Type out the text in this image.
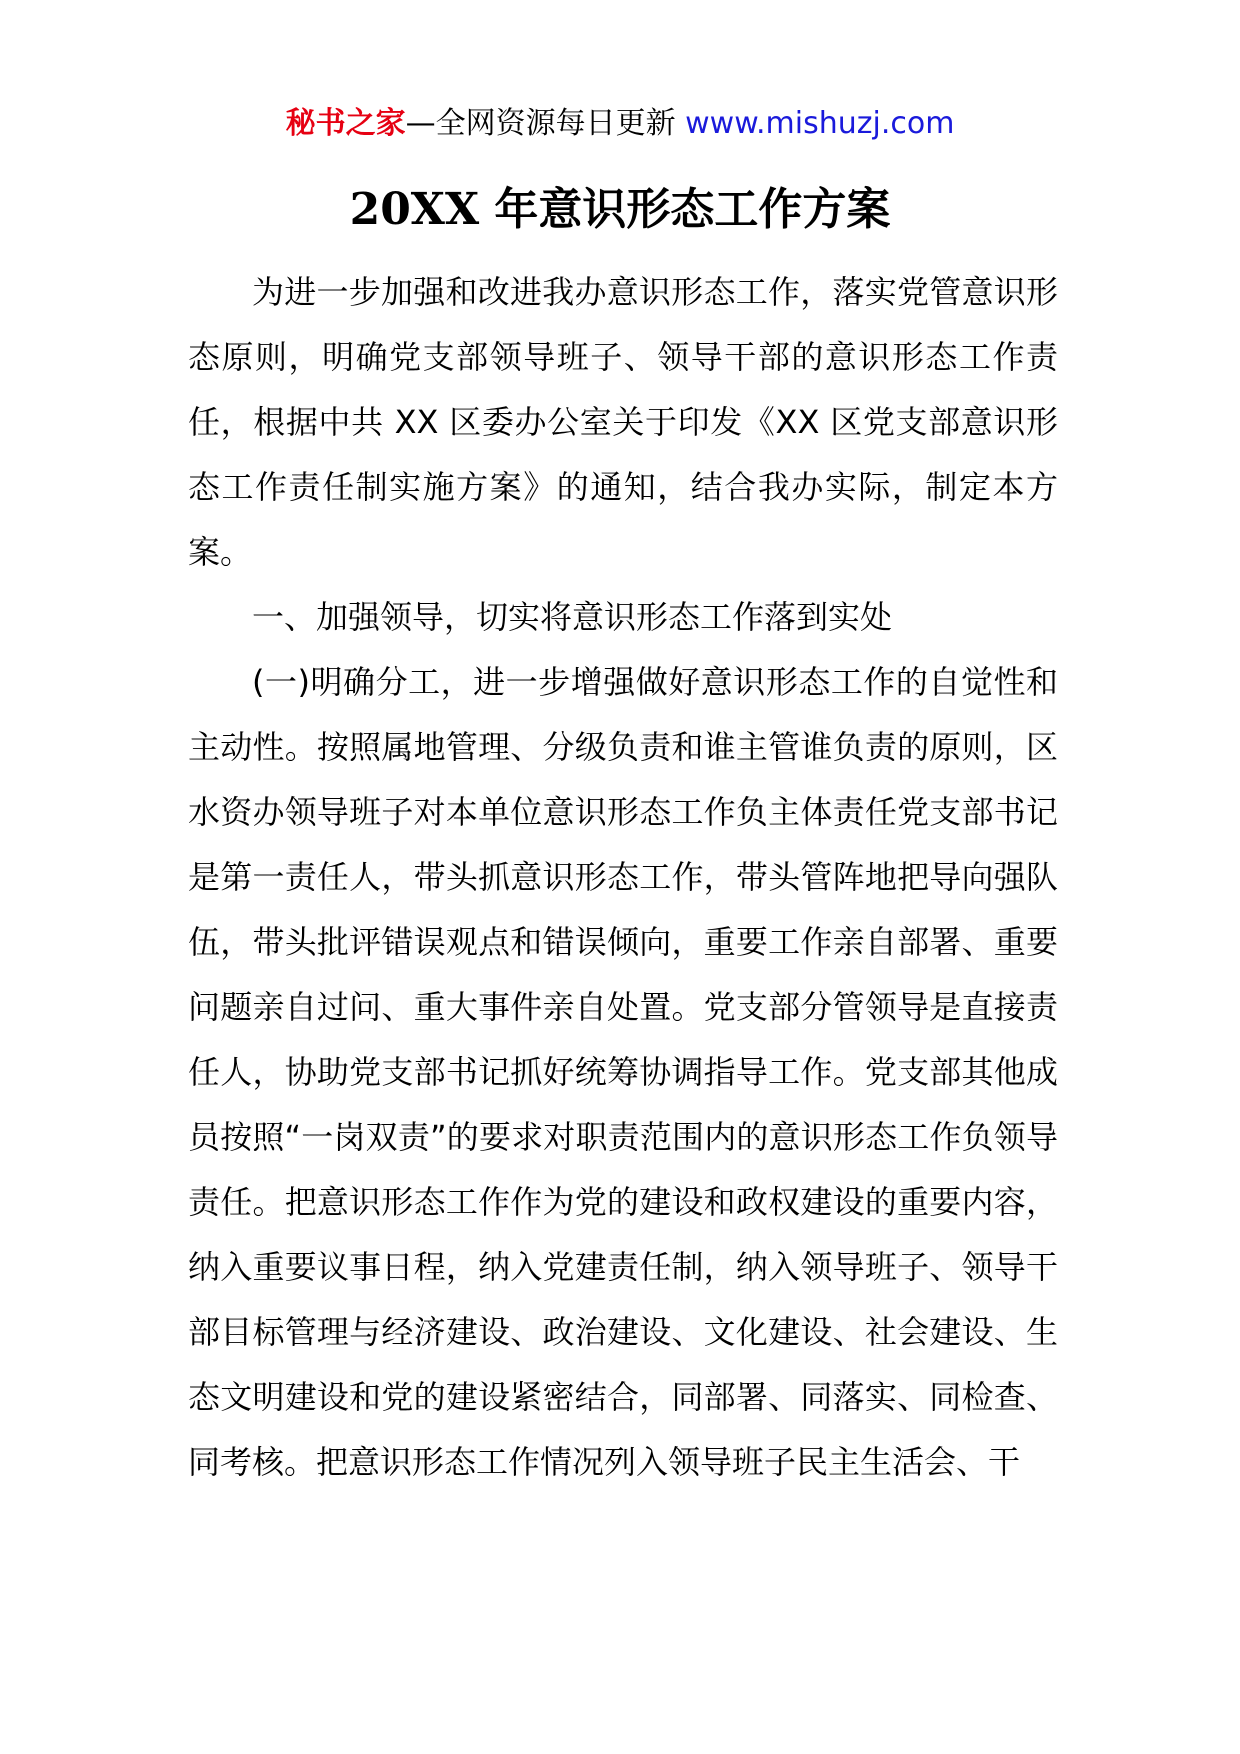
秘书之家—全网资源每日更新 www.mishuzj.com
20XX 年意识形态工作方案

为进一步加强和改进我办意识形态工作，落实党管意识形态原则，明确党支部领导班子、领导干部的意识形态工作责任，根据中共 XX 区委办公室关于印发《XX 区党支部意识形态工作责任制实施方案》的通知，结合我办实际，制定本方案。

一、加强领导，切实将意识形态工作落到实处

(一)明确分工，进一步增强做好意识形态工作的自觉性和主动性。按照属地管理、分级负责和谁主管谁负责的原则，区水资办领导班子对本单位意识形态工作负主体责任党支部书记是第一责任人，带头抓意识形态工作，带头管阵地把导向强队伍，带头批评错误观点和错误倾向，重要工作亲自部署、重要问题亲自过问、重大事件亲自处置。党支部分管领导是直接责任人，协助党支部书记抓好统筹协调指导工作。党支部其他成员按照“一岗双责”的要求对职责范围内的意识形态工作负领导责任。把意识形态工作作为党的建设和政权建设的重要内容，纳入重要议事日程，纳入党建责任制，纳入领导班子、领导干部目标管理与经济建设、政治建设、文化建设、社会建设、生态文明建设和党的建设紧密结合，同部署、同落实、同检查、同考核。把意识形态工作情况列入领导班子民主生活会、干
